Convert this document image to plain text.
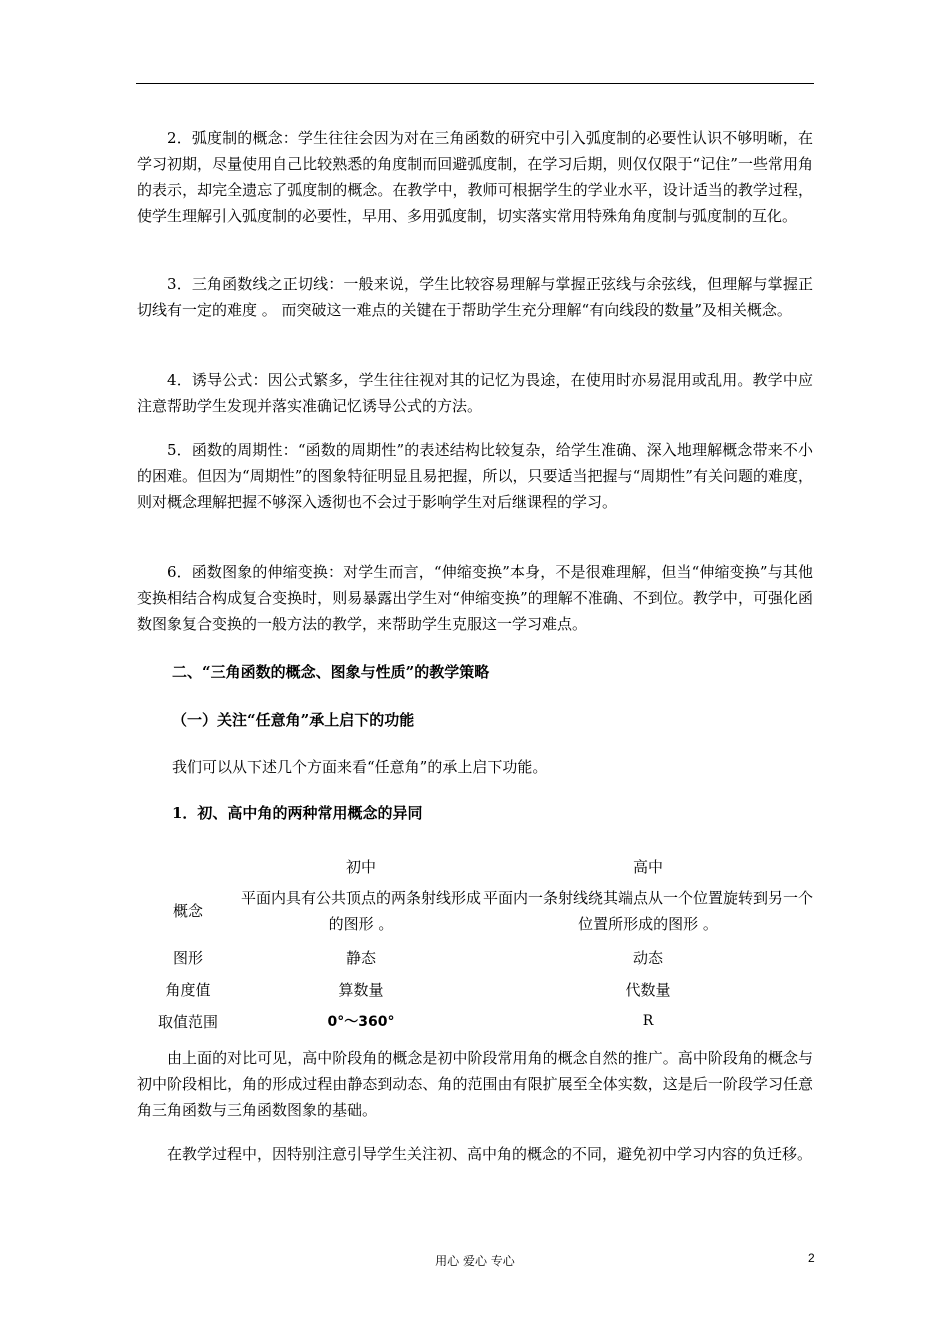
2．弧度制的概念：学生往往会因为对在三角函数的研究中引入弧度制的必要性认识不够明晰，在学习初期，尽量使用自己比较熟悉的角度制而回避弧度制，在学习后期，则仅仅限于“记住”一些常用角的表示，却完全遗忘了弧度制的概念。在教学中，教师可根据学生的学业水平，设计适当的教学过程，使学生理解引入弧度制的必要性，早用、多用弧度制，切实落实常用特殊角角度制与弧度制的互化。

3．三角函数线之正切线：一般来说，学生比较容易理解与掌握正弦线与余弦线，但理解与掌握正切线有一定的难度 。 而突破这一难点的关键在于帮助学生充分理解“有向线段的数量”及相关概念。

4．诱导公式：因公式繁多，学生往往视对其的记忆为畏途，在使用时亦易混用或乱用。教学中应注意帮助学生发现并落实准确记忆诱导公式的方法。

5．函数的周期性：“函数的周期性”的表述结构比较复杂，给学生准确、深入地理解概念带来不小的困难。但因为“周期性”的图象特征明显且易把握，所以，只要适当把握与“周期性”有关问题的难度，则对概念理解把握不够深入透彻也不会过于影响学生对后继课程的学习。

6．函数图象的伸缩变换：对学生而言，“伸缩变换”本身，不是很难理解，但当“伸缩变换”与其他变换相结合构成复合变换时，则易暴露出学生对“伸缩变换”的理解不准确、不到位。教学中，可强化函数图象复合变换的一般方法的教学，来帮助学生克服这一学习难点。

二、“三角函数的概念、图象与性质”的教学策略

（一）关注“任意角”承上启下的功能

我们可以从下述几个方面来看“任意角”的承上启下功能。

1．初、高中角的两种常用概念的异同

	初中	高中
概念	平面内具有公共顶点的两条射线形成的图形 。	平面内一条射线绕其端点从一个位置旋转到另一个位置所形成的图形 。
图形	静态	动态
角度值	算数量	代数量
取值范围	0°～360°	R

由上面的对比可见，高中阶段角的概念是初中阶段常用角的概念自然的推广。高中阶段角的概念与初中阶段相比，角的形成过程由静态到动态、角的范围由有限扩展至全体实数，这是后一阶段学习任意角三角函数与三角函数图象的基础。

在教学过程中，因特别注意引导学生关注初、高中角的概念的不同，避免初中学习内容的负迁移。

用心 爱心 专心	2
